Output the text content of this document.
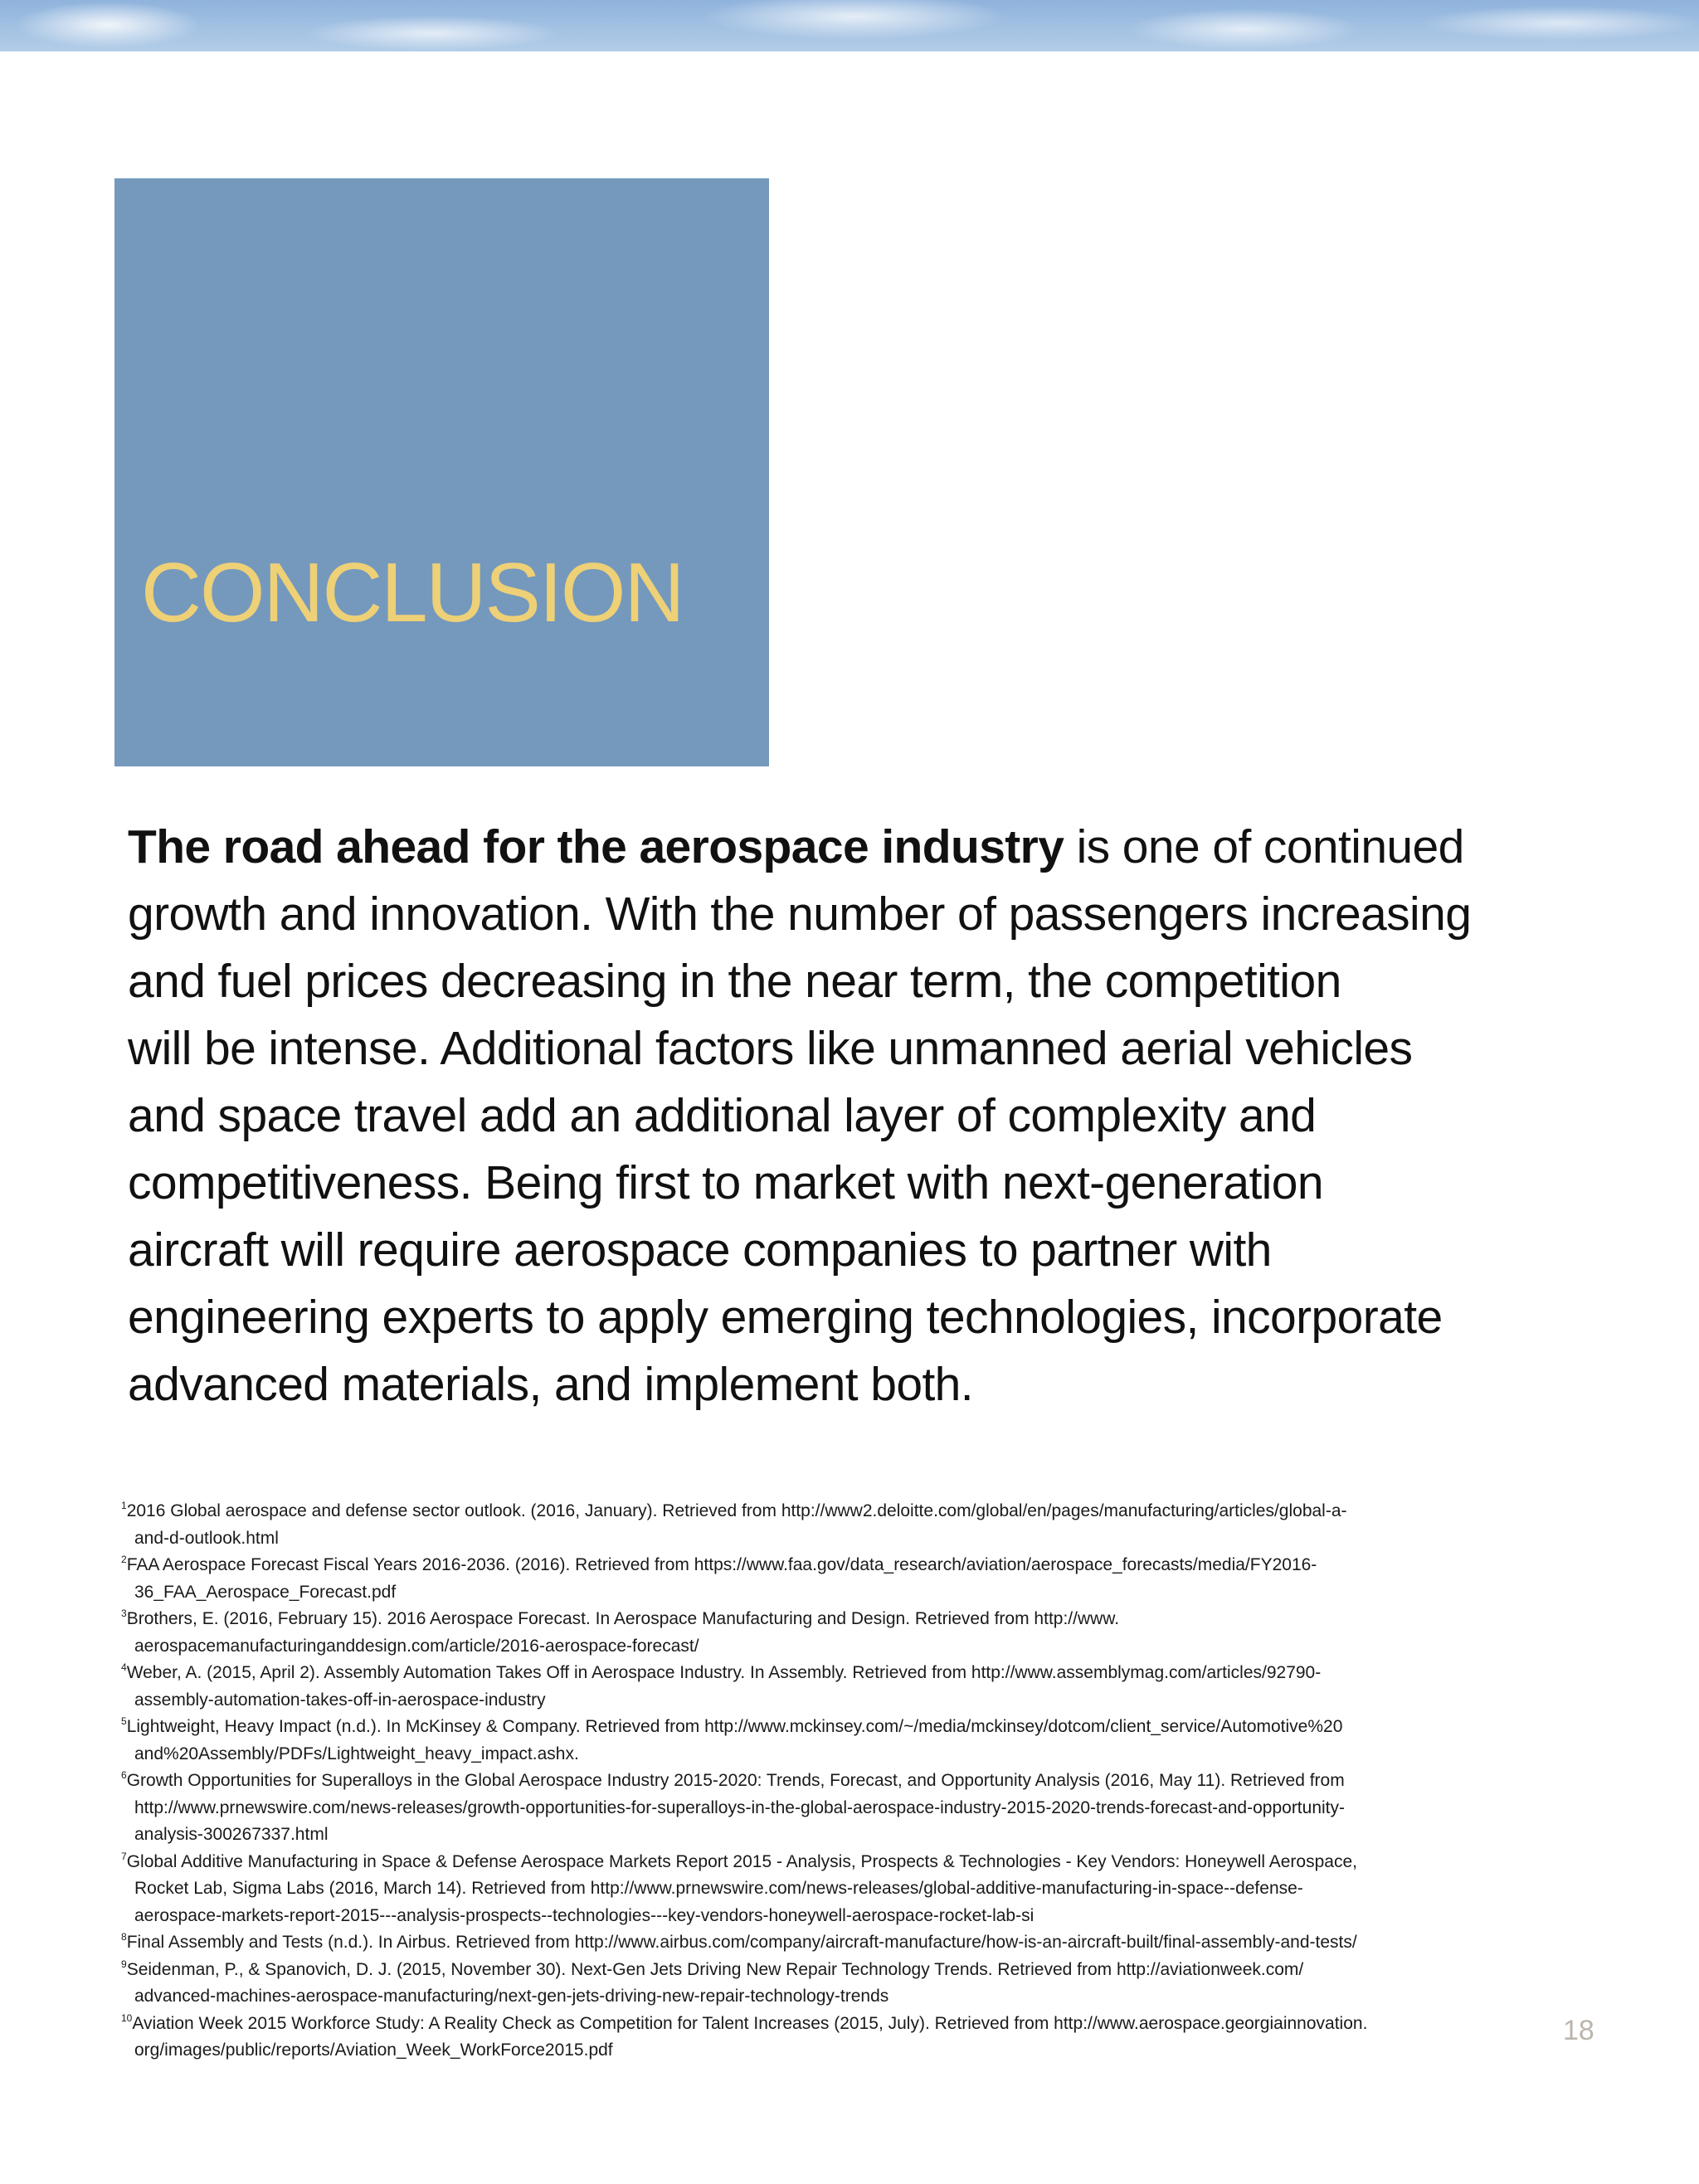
CONCLUSION

The road ahead for the aerospace industry is one of continued
growth and innovation. With the number of passengers increasing
and fuel prices decreasing in the near term, the competition
will be intense. Additional factors like unmanned aerial vehicles
and space travel add an additional layer of complexity and
competitiveness. Being first to market with next-generation
aircraft will require aerospace companies to partner with
engineering experts to apply emerging technologies, incorporate
advanced materials, and implement both.

$^1$2016 Global aerospace and defense sector outlook. (2016, January). Retrieved from http://www2.deloitte.com/global/en/pages/manufacturing/articles/global-a-
and-d-outlook.html
$^2$FAA Aerospace Forecast Fiscal Years 2016-2036. (2016). Retrieved from https://www.faa.gov/data_research/aviation/aerospace_forecasts/media/FY2016-
36_FAA_Aerospace_Forecast.pdf
$^3$Brothers, E. (2016, February 15). 2016 Aerospace Forecast. In Aerospace Manufacturing and Design. Retrieved from http://www.
aerospacemanufacturinganddesign.com/article/2016-aerospace-forecast/
$^4$Weber, A. (2015, April 2). Assembly Automation Takes Off in Aerospace Industry. In Assembly. Retrieved from http://www.assemblymag.com/articles/92790-
assembly-automation-takes-off-in-aerospace-industry
$^5$Lightweight, Heavy Impact (n.d.). In McKinsey & Company. Retrieved from http://www.mckinsey.com/~/media/mckinsey/dotcom/client_service/Automotive%20
and%20Assembly/PDFs/Lightweight_heavy_impact.ashx.
$^6$Growth Opportunities for Superalloys in the Global Aerospace Industry 2015-2020: Trends, Forecast, and Opportunity Analysis (2016, May 11). Retrieved from
http://www.prnewswire.com/news-releases/growth-opportunities-for-superalloys-in-the-global-aerospace-industry-2015-2020-trends-forecast-and-opportunity-
analysis-300267337.html
$^7$Global Additive Manufacturing in Space & Defense Aerospace Markets Report 2015 - Analysis, Prospects & Technologies - Key Vendors: Honeywell Aerospace,
Rocket Lab, Sigma Labs (2016, March 14). Retrieved from http://www.prnewswire.com/news-releases/global-additive-manufacturing-in-space--defense-
aerospace-markets-report-2015---analysis-prospects--technologies---key-vendors-honeywell-aerospace-rocket-lab-si
$^8$Final Assembly and Tests (n.d.). In Airbus. Retrieved from http://www.airbus.com/company/aircraft-manufacture/how-is-an-aircraft-built/final-assembly-and-tests/
$^9$Seidenman, P., & Spanovich, D. J. (2015, November 30). Next-Gen Jets Driving New Repair Technology Trends. Retrieved from http://aviationweek.com/
advanced-machines-aerospace-manufacturing/next-gen-jets-driving-new-repair-technology-trends
$^{10}$Aviation Week 2015 Workforce Study: A Reality Check as Competition for Talent Increases (2015, July). Retrieved from http://www.aerospace.georgiainnovation.
org/images/public/reports/Aviation_Week_WorkForce2015.pdf
18
